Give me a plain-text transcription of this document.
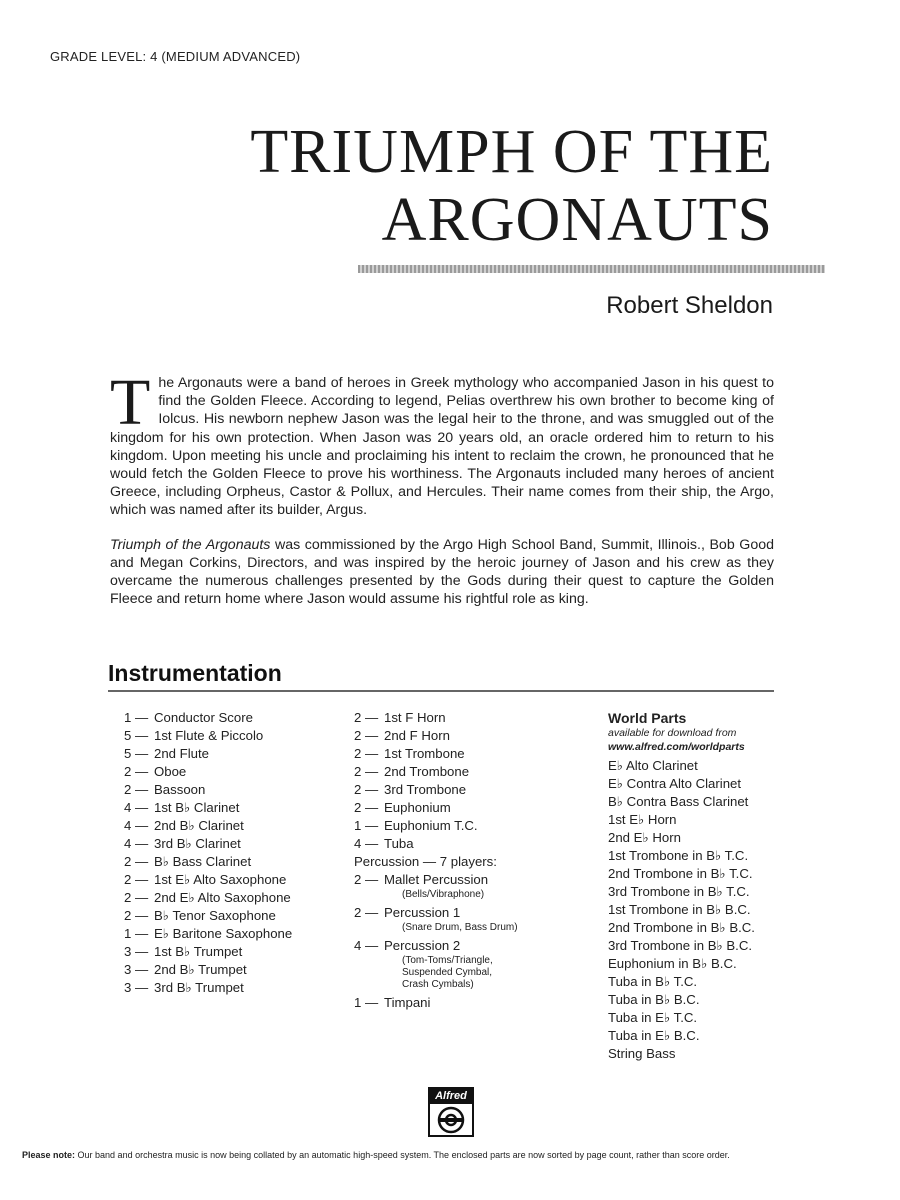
GRADE LEVEL: 4 (MEDIUM ADVANCED)
TRIUMPH OF THE
ARGONAUTS
Robert Sheldon

The Argonauts were a band of heroes in Greek mythology who accompanied Jason in his quest to find the Golden Fleece. According to legend, Pelias overthrew his own brother to become king of Iolcus. His newborn nephew Jason was the legal heir to the throne, and was smuggled out of the kingdom for his own protection. When Jason was 20 years old, an oracle ordered him to return to his kingdom. Upon meeting his uncle and proclaiming his intent to reclaim the crown, he pronounced that he would fetch the Golden Fleece to prove his worthiness. The Argonauts included many heroes of ancient Greece, including Orpheus, Castor & Pollux, and Hercules. Their name comes from their ship, the Argo, which was named after its builder, Argus.

Triumph of the Argonauts was commissioned by the Argo High School Band, Summit, Illinois., Bob Good and Megan Corkins, Directors, and was inspired by the heroic journey of Jason and his crew as they overcame the numerous challenges presented by the Gods during their quest to capture the Golden Fleece and return home where Jason would assume his rightful role as king.

Instrumentation
1 — Conductor Score
5 — 1st Flute & Piccolo
5 — 2nd Flute
2 — Oboe
2 — Bassoon
4 — 1st B♭ Clarinet
4 — 2nd B♭ Clarinet
4 — 3rd B♭ Clarinet
2 — B♭ Bass Clarinet
2 — 1st E♭ Alto Saxophone
2 — 2nd E♭ Alto Saxophone
2 — B♭ Tenor Saxophone
1 — E♭ Baritone Saxophone
3 — 1st B♭ Trumpet
3 — 2nd B♭ Trumpet
3 — 3rd B♭ Trumpet
2 — 1st F Horn
2 — 2nd F Horn
2 — 1st Trombone
2 — 2nd Trombone
2 — 3rd Trombone
2 — Euphonium
1 — Euphonium T.C.
4 — Tuba
Percussion — 7 players:
2 — Mallet Percussion
(Bells/Vibraphone)
2 — Percussion 1
(Snare Drum, Bass Drum)
4 — Percussion 2
(Tom-Toms/Triangle,
Suspended Cymbal,
Crash Cymbals)
1 — Timpani
World Parts
available for download from
www.alfred.com/worldparts
E♭ Alto Clarinet
E♭ Contra Alto Clarinet
B♭ Contra Bass Clarinet
1st E♭ Horn
2nd E♭ Horn
1st Trombone in B♭ T.C.
2nd Trombone in B♭ T.C.
3rd Trombone in B♭ T.C.
1st Trombone in B♭ B.C.
2nd Trombone in B♭ B.C.
3rd Trombone in B♭ B.C.
Euphonium in B♭ B.C.
Tuba in B♭ T.C.
Tuba in B♭ B.C.
Tuba in E♭ T.C.
Tuba in E♭ B.C.
String Bass
Alfred
Please note: Our band and orchestra music is now being collated by an automatic high-speed system. The enclosed parts are now sorted by page count, rather than score order.
